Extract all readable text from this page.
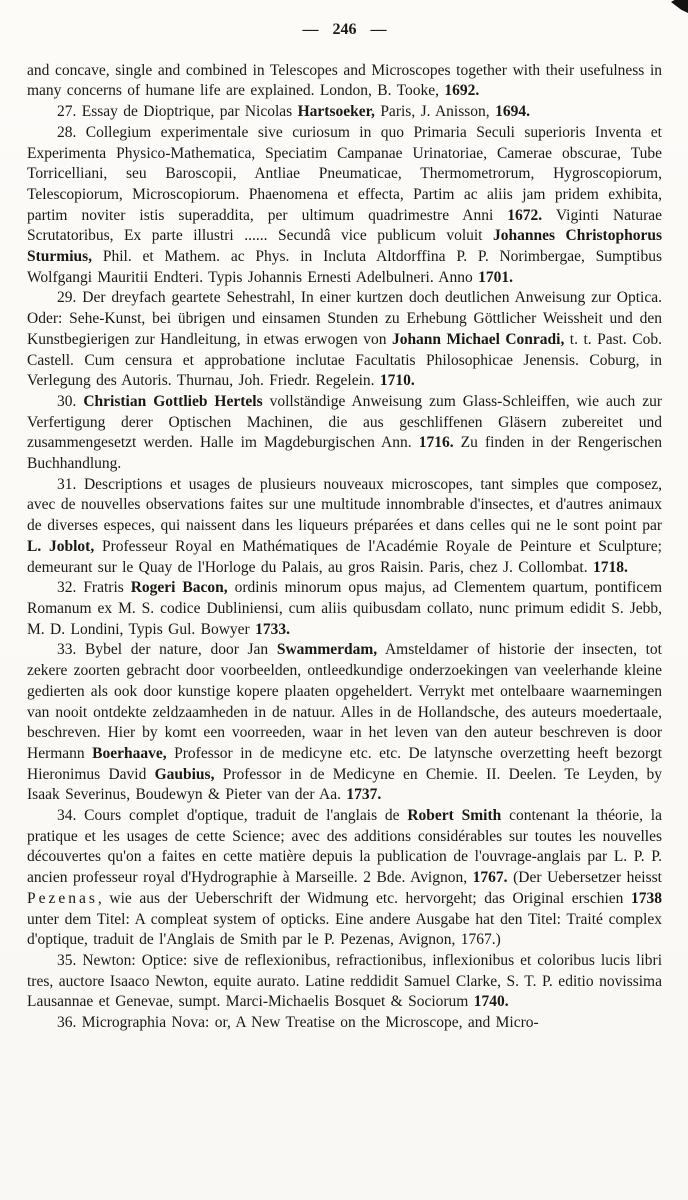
— 246 —

and concave, single and combined in Telescopes and Microscopes together with their usefulness in many concerns of humane life are explained. London, B. Tooke, 1692.

27. Essay de Dioptrique, par Nicolas Hartsoeker, Paris, J. Anisson, 1694.

28. Collegium experimentale sive curiosum in quo Primaria Seculi superioris Inventa et Experimenta Physico-Mathematica, Speciatim Campanae Urinatoriae, Camerae obscurae, Tube Torricelliani, seu Baroscopii, Antliae Pneumaticae, Thermometrorum, Hygroscopiorum, Telescopiorum, Microscopiorum. Phaenomena et effecta, Partim ac aliis jam pridem exhibita, partim noviter istis superaddita, per ultimum quadrimestre Anni 1672. Viginti Naturae Scrutatoribus, Ex parte illustri ...... Secundâ vice publicum voluit Johannes Christophorus Sturmius, Phil. et Mathem. ac Phys. in Incluta Altdorffina P. P. Norimbergae, Sumptibus Wolfgangi Mauritii Endteri. Typis Johannis Ernesti Adelbulneri. Anno 1701.

29. Der dreyfach geartete Sehestrahl, In einer kurtzen doch deutlichen Anweisung zur Optica. Oder: Sehe-Kunst, bei übrigen und einsamen Stunden zu Erhebung Göttlicher Weissheit und den Kunstbegierigen zur Handleitung, in etwas erwogen von Johann Michael Conradi, t. t. Past. Cob. Castell. Cum censura et approbatione inclutae Facultatis Philosophicae Jenensis. Coburg, in Verlegung des Autoris. Thurnau, Joh. Friedr. Regelein. 1710.

30. Christian Gottlieb Hertels vollständige Anweisung zum Glass-Schleiffen, wie auch zur Verfertigung derer Optischen Machinen, die aus geschliffenen Gläsern zubereitet und zusammengesetzt werden. Halle im Magdeburgischen Ann. 1716. Zu finden in der Rengerischen Buchhandlung.

31. Descriptions et usages de plusieurs nouveaux microscopes, tant simples que composez, avec de nouvelles observations faites sur une multitude innombrable d'insectes, et d'autres animaux de diverses especes, qui naissent dans les liqueurs préparées et dans celles qui ne le sont point par L. Joblot, Professeur Royal en Mathématiques de l'Académie Royale de Peinture et Sculpture; demeurant sur le Quay de l'Horloge du Palais, au gros Raisin. Paris, chez J. Collombat. 1718.

32. Fratris Rogeri Bacon, ordinis minorum opus majus, ad Clementem quartum, pontificem Romanum ex M. S. codice Dubliniensi, cum aliis quibusdam collato, nunc primum edidit S. Jebb, M. D. Londini, Typis Gul. Bowyer 1733.

33. Bybel der nature, door Jan Swammerdam, Amsteldamer of historie der insecten, tot zekere zoorten gebracht door voorbeelden, ontleedkundige onderzoekingen van veelerhande kleine gedierten als ook door kunstige kopere plaaten opgeheldert. Verrykt met ontelbaare waarnemingen van nooit ontdekte zeldzaamheden in de natuur. Alles in de Hollandsche, des auteurs moedertaale, beschreven. Hier by komt een voorreeden, waar in het leven van den auteur beschreven is door Hermann Boerhaave, Professor in de medicyne etc. etc. De latynsche overzetting heeft bezorgt Hieronimus David Gaubius, Professor in de Medicyne en Chemie. II. Deelen. Te Leyden, by Isaak Severinus, Boudewyn & Pieter van der Aa. 1737.

34. Cours complet d'optique, traduit de l'anglais de Robert Smith contenant la théorie, la pratique et les usages de cette Science; avec des additions considérables sur toutes les nouvelles découvertes qu'on a faites en cette matière depuis la publication de l'ouvrage-anglais par L. P. P. ancien professeur royal d'Hydrographie à Marseille. 2 Bde. Avignon, 1767. (Der Uebersetzer heisst Pezenas, wie aus der Ueberschrift der Widmung etc. hervorgeht; das Original erschien 1738 unter dem Titel: A compleat system of opticks. Eine andere Ausgabe hat den Titel: Traité complex d'optique, traduit de l'Anglais de Smith par le P. Pezenas, Avignon, 1767.)

35. Newton: Optice: sive de reflexionibus, refractionibus, inflexionibus et coloribus lucis libri tres, auctore Isaaco Newton, equite aurato. Latine reddidit Samuel Clarke, S. T. P. editio novissima Lausannae et Genevae, sumpt. Marci-Michaelis Bosquet & Sociorum 1740.

36. Micrographia Nova: or, A New Treatise on the Microscope, and Micro-
